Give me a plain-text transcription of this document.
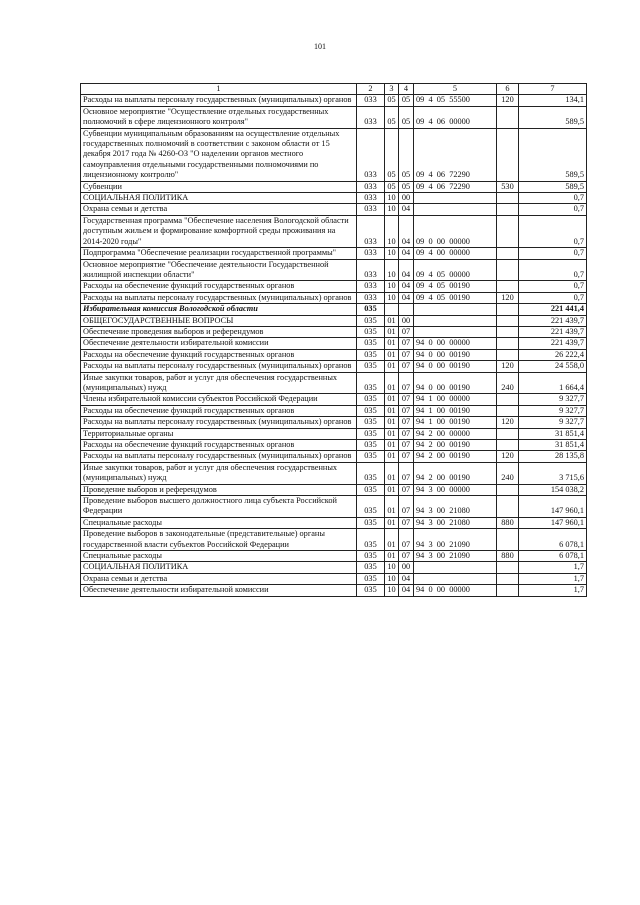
101
1	2	3	4	5	6	7
Расходы на выплаты персоналу государственных (муниципальных) органов	033	05	05	09  4  05  55500	120	134,1
Основное мероприятие "Осуществление отдельных государственных полномочий в сфере лицензионного контроля"	033	05	05	09  4  06  00000		589,5
Субвенции муниципальным образованиям на осуществление отдельных государственных полномочий в соответствии с законом области от 15 декабря 2017 года № 4260-ОЗ "О наделении органов местного самоуправления отдельными государственными полномочиями по лицензионному контролю"	033	05	05	09  4  06  72290		589,5
Субвенции	033	05	05	09  4  06  72290	530	589,5
СОЦИАЛЬНАЯ ПОЛИТИКА	033	10	00			0,7
Охрана семьи и детства	033	10	04			0,7
Государственная программа "Обеспечение населения Вологодской области доступным жильем и формирование комфортной среды проживания на 2014-2020 годы"	033	10	04	09  0  00  00000		0,7
Подпрограмма "Обеспечение реализации государственной программы"	033	10	04	09  4  00  00000		0,7
Основное мероприятие "Обеспечение деятельности Государственной жилищной инспекции области"	033	10	04	09  4  05  00000		0,7
Расходы на обеспечение функций государственных органов	033	10	04	09  4  05  00190		0,7
Расходы на выплаты персоналу государственных (муниципальных) органов	033	10	04	09  4  05  00190	120	0,7
Избирательная комиссия Вологодской области	035					221 441,4
ОБЩЕГОСУДАРСТВЕННЫЕ ВОПРОСЫ	035	01	00			221 439,7
Обеспечение проведения выборов и референдумов	035	01	07			221 439,7
Обеспечение деятельности избирательной комиссии	035	01	07	94  0  00  00000		221 439,7
Расходы на обеспечение функций государственных органов	035	01	07	94  0  00  00190		26 222,4
Расходы на выплаты персоналу государственных (муниципальных) органов	035	01	07	94  0  00  00190	120	24 558,0
Иные закупки товаров, работ и услуг для обеспечения государственных (муниципальных) нужд	035	01	07	94  0  00  00190	240	1 664,4
Члены избирательной комиссии субъектов Российской Федерации	035	01	07	94  1  00  00000		9 327,7
Расходы на обеспечение функций государственных органов	035	01	07	94  1  00  00190		9 327,7
Расходы на выплаты персоналу государственных (муниципальных) органов	035	01	07	94  1  00  00190	120	9 327,7
Территориальные органы	035	01	07	94  2  00  00000		31 851,4
Расходы на обеспечение функций государственных органов	035	01	07	94  2  00  00190		31 851,4
Расходы на выплаты персоналу государственных (муниципальных) органов	035	01	07	94  2  00  00190	120	28 135,8
Иные закупки товаров, работ и услуг для обеспечения государственных (муниципальных) нужд	035	01	07	94  2  00  00190	240	3 715,6
Проведение выборов и референдумов	035	01	07	94  3  00  00000		154 038,2
Проведение выборов высшего должностного лица субъекта Российской Федерации	035	01	07	94  3  00  21080		147 960,1
Специальные расходы	035	01	07	94  3  00  21080	880	147 960,1
Проведение выборов в законодательные (представительные) органы государственной власти субъектов Российской Федерации	035	01	07	94  3  00  21090		6 078,1
Специальные расходы	035	01	07	94  3  00  21090	880	6 078,1
СОЦИАЛЬНАЯ ПОЛИТИКА	035	10	00			1,7
Охрана семьи и детства	035	10	04			1,7
Обеспечение деятельности избирательной комиссии	035	10	04	94  0  00  00000		1,7
